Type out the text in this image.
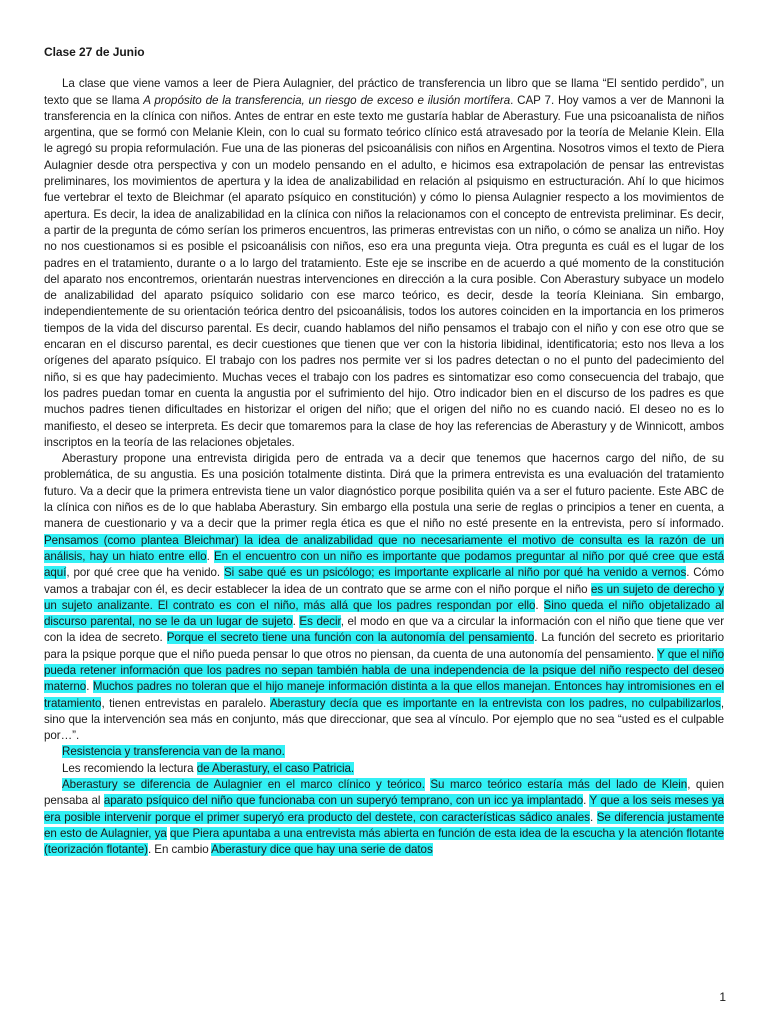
Clase 27 de Junio

La clase que viene vamos a leer de Piera Aulagnier, del práctico de transferencia un libro que se llama “El sentido perdido”, un texto que se llama A propósito de la transferencia, un riesgo de exceso e ilusión mortífera. CAP 7. Hoy vamos a ver de Mannoni la transferencia en la clínica con niños. Antes de entrar en este texto me gustaría hablar de Aberastury. Fue una psicoanalista de niños argentina, que se formó con Melanie Klein, con lo cual su formato teórico clínico está atravesado por la teoría de Melanie Klein. Ella le agregó su propia reformulación. Fue una de las pioneras del psicoanálisis con niños en Argentina. Nosotros vimos el texto de Piera Aulagnier desde otra perspectiva y con un modelo pensando en el adulto, e hicimos esa extrapolación de pensar las entrevistas preliminares, los movimientos de apertura y la idea de analizabilidad en relación al psiquismo en estructuración. Ahí lo que hicimos fue vertebrar el texto de Bleichmar (el aparato psíquico en constitución) y cómo lo piensa Aulagnier respecto a los movimientos de apertura. Es decir, la idea de analizabilidad en la clínica con niños la relacionamos con el concepto de entrevista preliminar. Es decir, a partir de la pregunta de cómo serían los primeros encuentros, las primeras entrevistas con un niño, o cómo se analiza un niño. Hoy no nos cuestionamos si es posible el psicoanálisis con niños, eso era una pregunta vieja. Otra pregunta es cuál es el lugar de los padres en el tratamiento, durante o a lo largo del tratamiento. Este eje se inscribe en de acuerdo a qué momento de la constitución del aparato nos encontremos, orientarán nuestras intervenciones en dirección a la cura posible. Con Aberastury subyace un modelo de analizabilidad del aparato psíquico solidario con ese marco teórico, es decir, desde la teoría Kleiniana. Sin embargo, independientemente de su orientación teórica dentro del psicoanálisis, todos los autores coinciden en la importancia en los primeros tiempos de la vida del discurso parental. Es decir, cuando hablamos del niño pensamos el trabajo con el niño y con ese otro que se encaran en el discurso parental, es decir cuestiones que tienen que ver con la historia libidinal, identificatoria; esto nos lleva a los orígenes del aparato psíquico. El trabajo con los padres nos permite ver si los padres detectan o no el punto del padecimiento del niño, si es que hay padecimiento. Muchas veces el trabajo con los padres es sintomatizar eso como consecuencia del trabajo, que los padres puedan tomar en cuenta la angustia por el sufrimiento del hijo. Otro indicador bien en el discurso de los padres es que muchos padres tienen dificultades en historizar el origen del niño; que el origen del niño no es cuando nació. El deseo no es lo manifiesto, el deseo se interpreta. Es decir que tomaremos para la clase de hoy las referencias de Aberastury y de Winnicott, ambos inscriptos en la teoría de las relaciones objetales.

Aberastury propone una entrevista dirigida pero de entrada va a decir que tenemos que hacernos cargo del niño, de su problemática, de su angustia. Es una posición totalmente distinta. Dirá que la primera entrevista es una evaluación del tratamiento futuro. Va a decir que la primera entrevista tiene un valor diagnóstico porque posibilita quién va a ser el futuro paciente. Este ABC de la clínica con niños es de lo que hablaba Aberastury. Sin embargo ella postula una serie de reglas o principios a tener en cuenta, a manera de cuestionario y va a decir que la primer regla ética es que el niño no esté presente en la entrevista, pero sí informado. Pensamos (como plantea Bleichmar) la idea de analizabilidad que no necesariamente el motivo de consulta es la razón de un análisis, hay un hiato entre ello. En el encuentro con un niño es importante que podamos preguntar al niño por qué cree que está aquí, por qué cree que ha venido. Si sabe qué es un psicólogo; es importante explicarle al niño por qué ha venido a vernos. Cómo vamos a trabajar con él, es decir establecer la idea de un contrato que se arme con el niño porque el niño es un sujeto de derecho y un sujeto analizante. El contrato es con el niño, más allá que los padres respondan por ello. Sino queda el niño objetalizado al discurso parental, no se le da un lugar de sujeto. Es decir, el modo en que va a circular la información con el niño que tiene que ver con la idea de secreto. Porque el secreto tiene una función con la autonomía del pensamiento. La función del secreto es prioritario para la psique porque que el niño pueda pensar lo que otros no piensan, da cuenta de una autonomía del pensamiento. Y que el niño pueda retener información que los padres no sepan también habla de una independencia de la psique del niño respecto del deseo materno. Muchos padres no toleran que el hijo maneje información distinta a la que ellos manejan. Entonces hay intromisiones en el tratamiento, tienen entrevistas en paralelo. Aberastury decía que es importante en la entrevista con los padres, no culpabilizarlos, sino que la intervención sea más en conjunto, más que direccionar, que sea al vínculo. Por ejemplo que no sea “usted es el culpable por…”.

Resistencia y transferencia van de la mano.

Les recomiendo la lectura de Aberastury, el caso Patricia.

Aberastury se diferencia de Aulagnier en el marco clínico y teórico. Su marco teórico estaría más del lado de Klein, quien pensaba al aparato psíquico del niño que funcionaba con un superyó temprano, con un icc ya implantado. Y que a los seis meses ya era posible intervenir porque el primer superyó era producto del destete, con características sádico anales. Se diferencia justamente en esto de Aulagnier, ya que Piera apuntaba a una entrevista más abierta en función de esta idea de la escucha y la atención flotante (teorización flotante). En cambio Aberastury dice que hay una serie de datos

1
